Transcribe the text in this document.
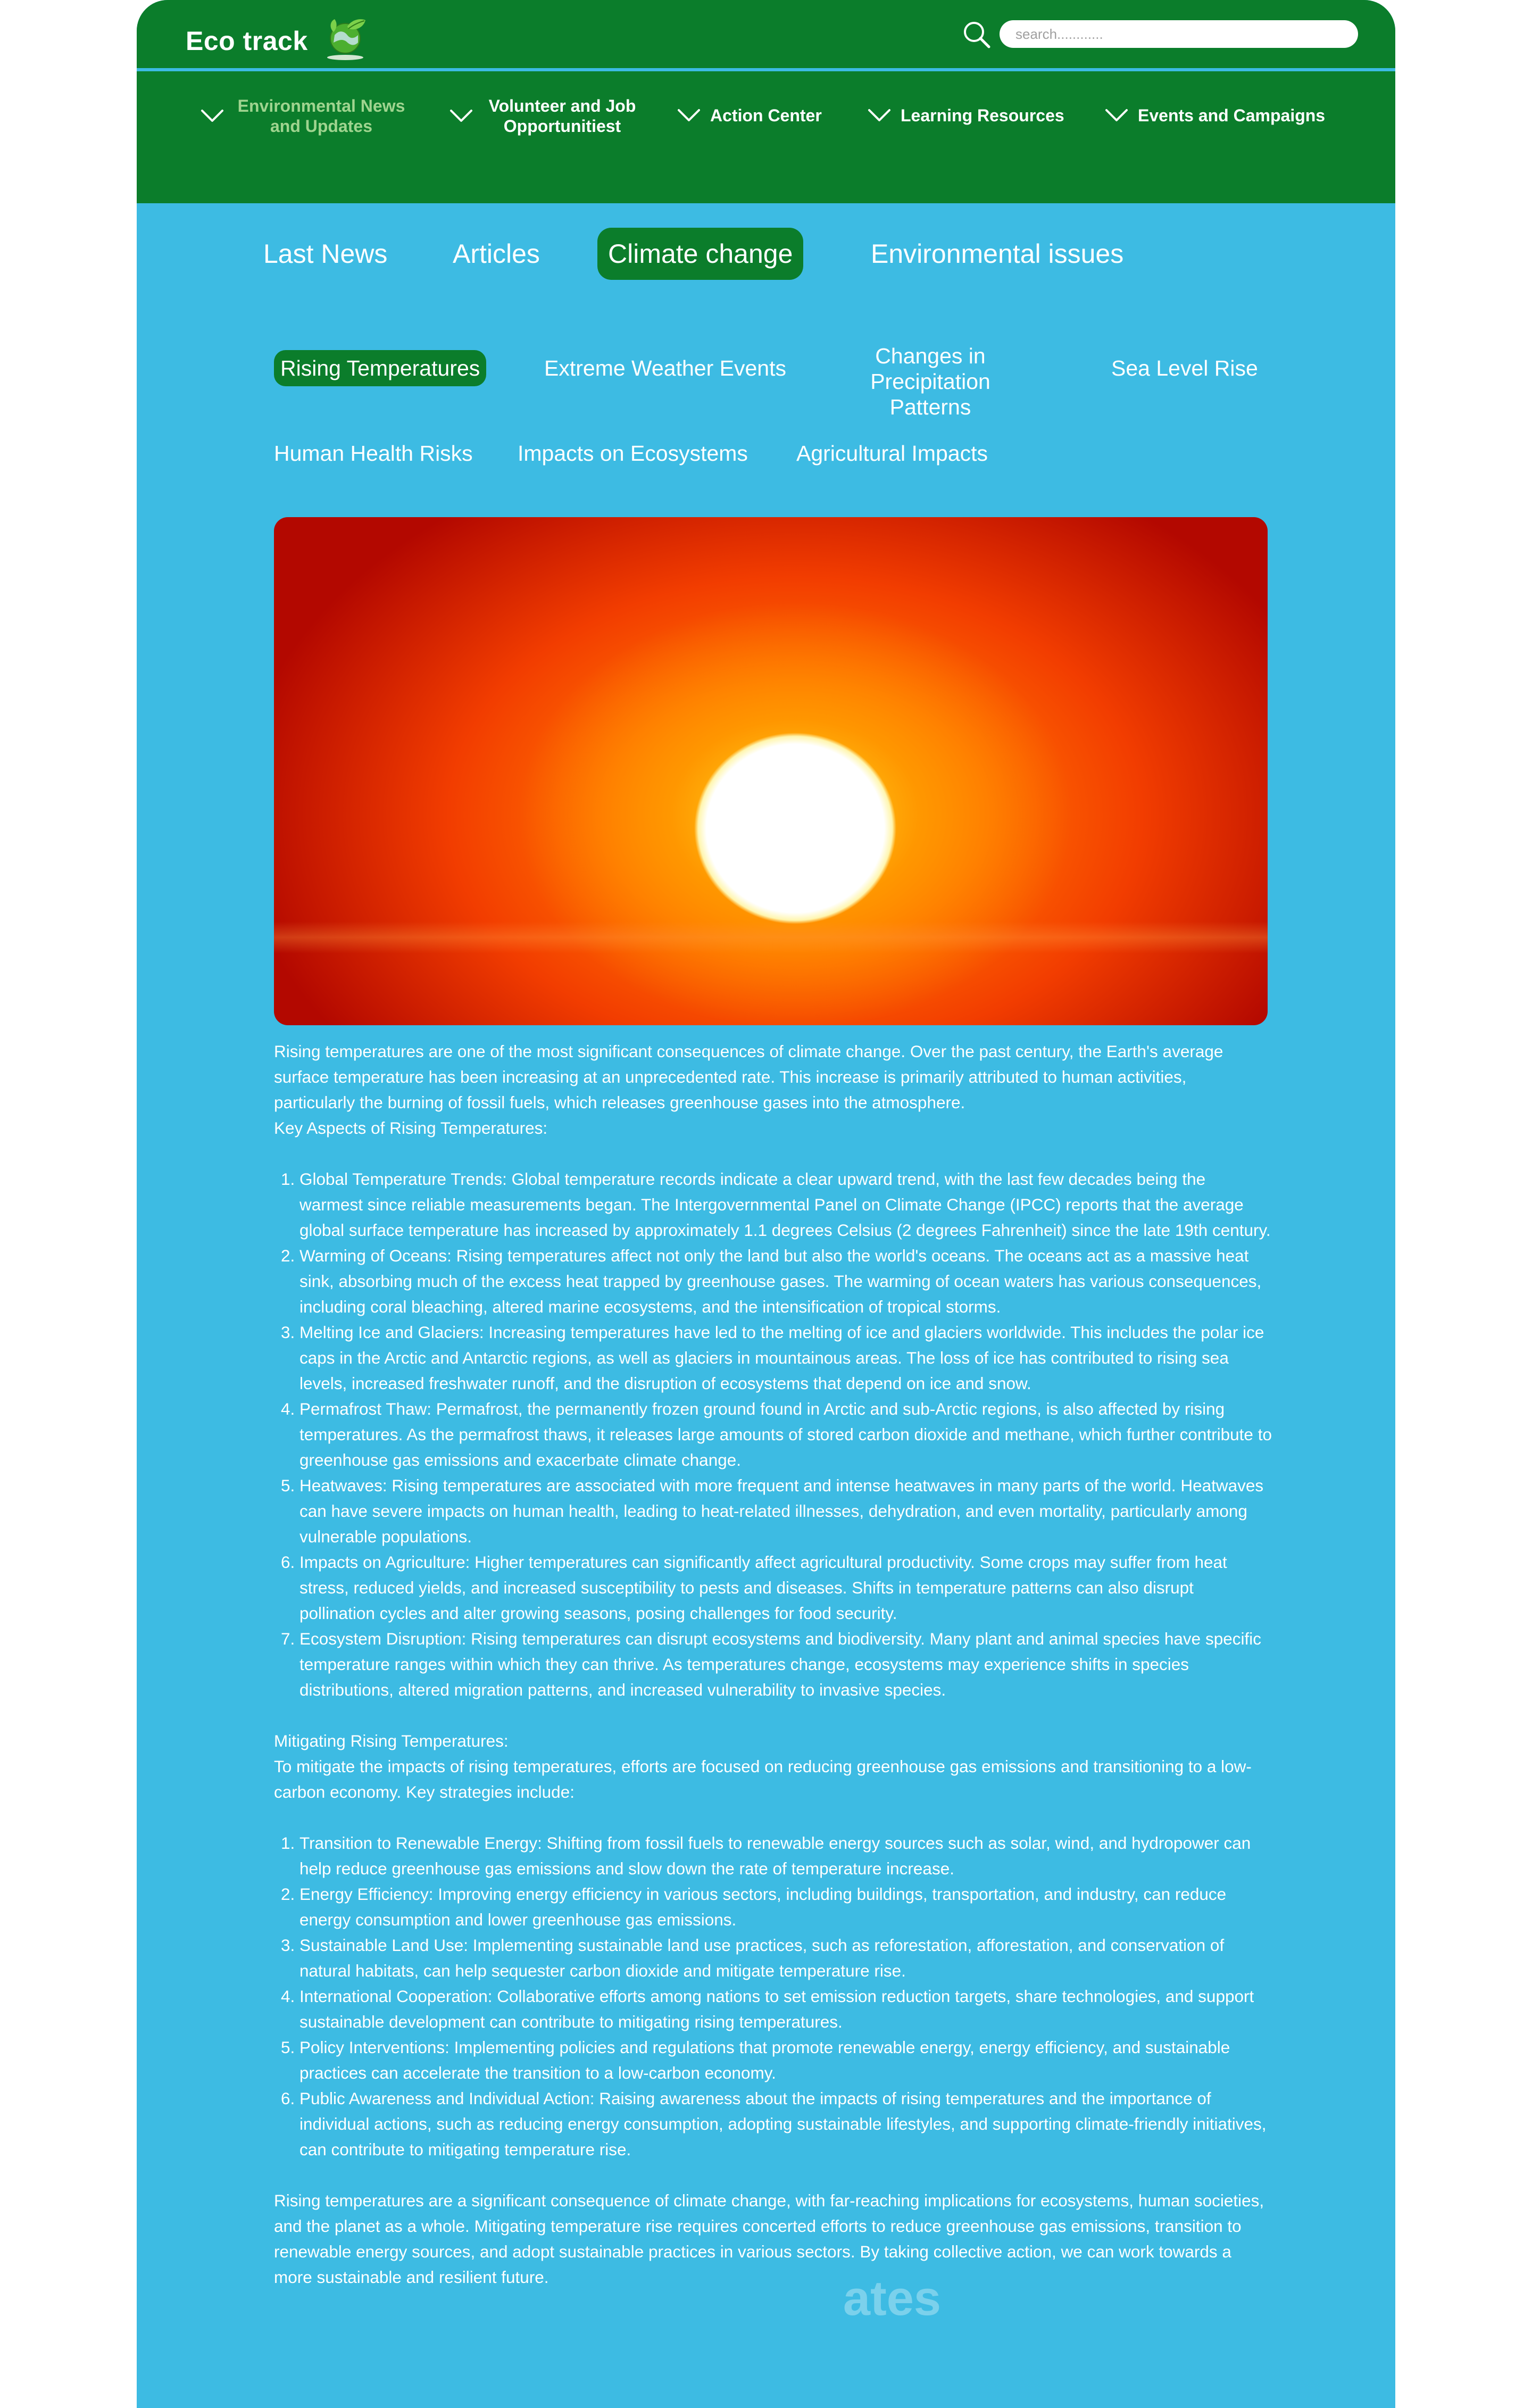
Eco track
search............
Environmental News and Updates
Volunteer and Job Opportunitiest
Action Center	Learning Resources	Events and Campaigns
Last News	Articles	Climate change	Environmental issues
Rising Temperatures	Extreme Weather Events	Changes in Precipitation Patterns
Sea Level Rise
Human Health Risks Impacts on Ecosystems Agricultural Impacts

Rising temperatures are one of the most significant consequences of climate change. Over the past century, the Earth's average surface temperature has been increasing at an unprecedented rate. This increase is primarily attributed to human activities, particularly the burning of fossil fuels, which releases greenhouse gases into the atmosphere.

Key Aspects of Rising Temperatures:

1. Global Temperature Trends: Global temperature records indicate a clear upward trend, with the last few decades being the warmest since reliable measurements began. The Intergovernmental Panel on Climate Change (IPCC) reports that the average global surface temperature has increased by approximately 1.1 degrees Celsius (2 degrees Fahrenheit) since the late 19th century.
2. Warming of Oceans: Rising temperatures affect not only the land but also the world's oceans. The oceans act as a massive heat sink, absorbing much of the excess heat trapped by greenhouse gases. The warming of ocean waters has various consequences, including coral bleaching, altered marine ecosystems, and the intensification of tropical storms.
3. Melting Ice and Glaciers: Increasing temperatures have led to the melting of ice and glaciers worldwide. This includes the polar ice caps in the Arctic and Antarctic regions, as well as glaciers in mountainous areas. The loss of ice has contributed to rising sea levels, increased freshwater runoff, and the disruption of ecosystems that depend on ice and snow.
4. Permafrost Thaw: Permafrost, the permanently frozen ground found in Arctic and sub-Arctic regions, is also affected by rising temperatures. As the permafrost thaws, it releases large amounts of stored carbon dioxide and methane, which further contribute to greenhouse gas emissions and exacerbate climate change.
5. Heatwaves: Rising temperatures are associated with more frequent and intense heatwaves in many parts of the world. Heatwaves can have severe impacts on human health, leading to heat-related illnesses, dehydration, and even mortality, particularly among vulnerable populations.
6. Impacts on Agriculture: Higher temperatures can significantly affect agricultural productivity. Some crops may suffer from heat stress, reduced yields, and increased susceptibility to pests and diseases. Shifts in temperature patterns can also disrupt pollination cycles and alter growing seasons, posing challenges for food security.
7. Ecosystem Disruption: Rising temperatures can disrupt ecosystems and biodiversity. Many plant and animal species have specific temperature ranges within which they can thrive. As temperatures change, ecosystems may experience shifts in species distributions, altered migration patterns, and increased vulnerability to invasive species.

Mitigating Rising Temperatures:

To mitigate the impacts of rising temperatures, efforts are focused on reducing greenhouse gas emissions and transitioning to a low-carbon economy. Key strategies include:

1. Transition to Renewable Energy: Shifting from fossil fuels to renewable energy sources such as solar, wind, and hydropower can help reduce greenhouse gas emissions and slow down the rate of temperature increase.
2. Energy Efficiency: Improving energy efficiency in various sectors, including buildings, transportation, and industry, can reduce energy consumption and lower greenhouse gas emissions.
3. Sustainable Land Use: Implementing sustainable land use practices, such as reforestation, afforestation, and conservation of natural habitats, can help sequester carbon dioxide and mitigate temperature rise.
4. International Cooperation: Collaborative efforts among nations to set emission reduction targets, share technologies, and support sustainable development can contribute to mitigating rising temperatures.
5. Policy Interventions: Implementing policies and regulations that promote renewable energy, energy efficiency, and sustainable practices can accelerate the transition to a low-carbon economy.
6. Public Awareness and Individual Action: Raising awareness about the impacts of rising temperatures and the importance of individual actions, such as reducing energy consumption, adopting sustainable lifestyles, and supporting climate-friendly initiatives, can contribute to mitigating temperature rise.

Rising temperatures are a significant consequence of climate change, with far-reaching implications for ecosystems, human societies, and the planet as a whole. Mitigating temperature rise requires concerted efforts to reduce greenhouse gas emissions, transition to renewable energy sources, and adopt sustainable practices in various sectors. By taking collective action, we can work towards a more sustainable and resilient future.	ates
